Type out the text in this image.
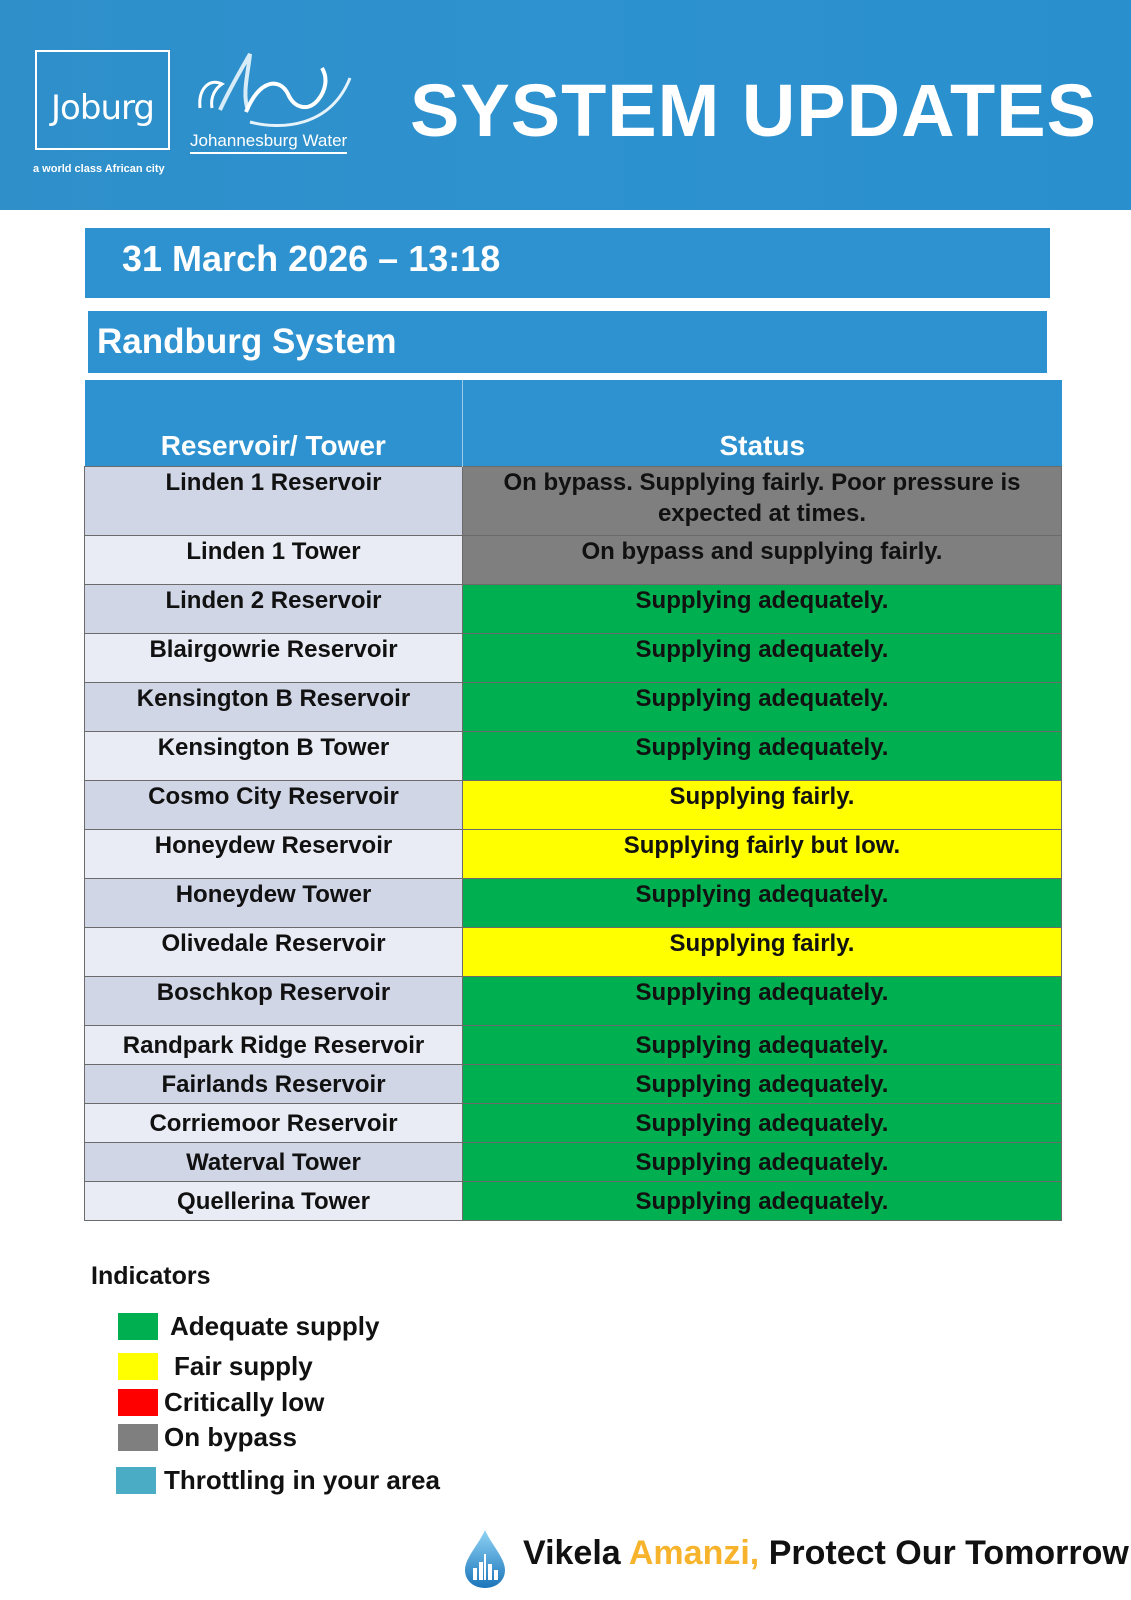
Joburg
a world class African city
Johannesburg Water SYSTEM UPDATES
31 March 2026 – 13:18
Randburg System
Reservoir/ Tower	Status
Linden 1 Reservoir	On bypass. Supplying fairly. Poor pressure is expected at times.
Linden 1 Tower	On bypass and supplying fairly.
Linden 2 Reservoir	Supplying adequately.
Blairgowrie Reservoir	Supplying adequately.
Kensington B Reservoir	Supplying adequately.
Kensington B Tower	Supplying adequately.
Cosmo City Reservoir	Supplying fairly.
Honeydew Reservoir	Supplying fairly but low.
Honeydew Tower	Supplying adequately.
Olivedale Reservoir	Supplying fairly.
Boschkop Reservoir	Supplying adequately.
Randpark Ridge Reservoir	Supplying adequately.
Fairlands Reservoir	Supplying adequately.
Corriemoor Reservoir	Supplying adequately.
Waterval Tower	Supplying adequately.
Quellerina Tower	Supplying adequately.
Indicators
Adequate supply
Fair supply
Critically low
On bypass
Throttling in your area
Vikela Amanzi, Protect Our Tomorrow
